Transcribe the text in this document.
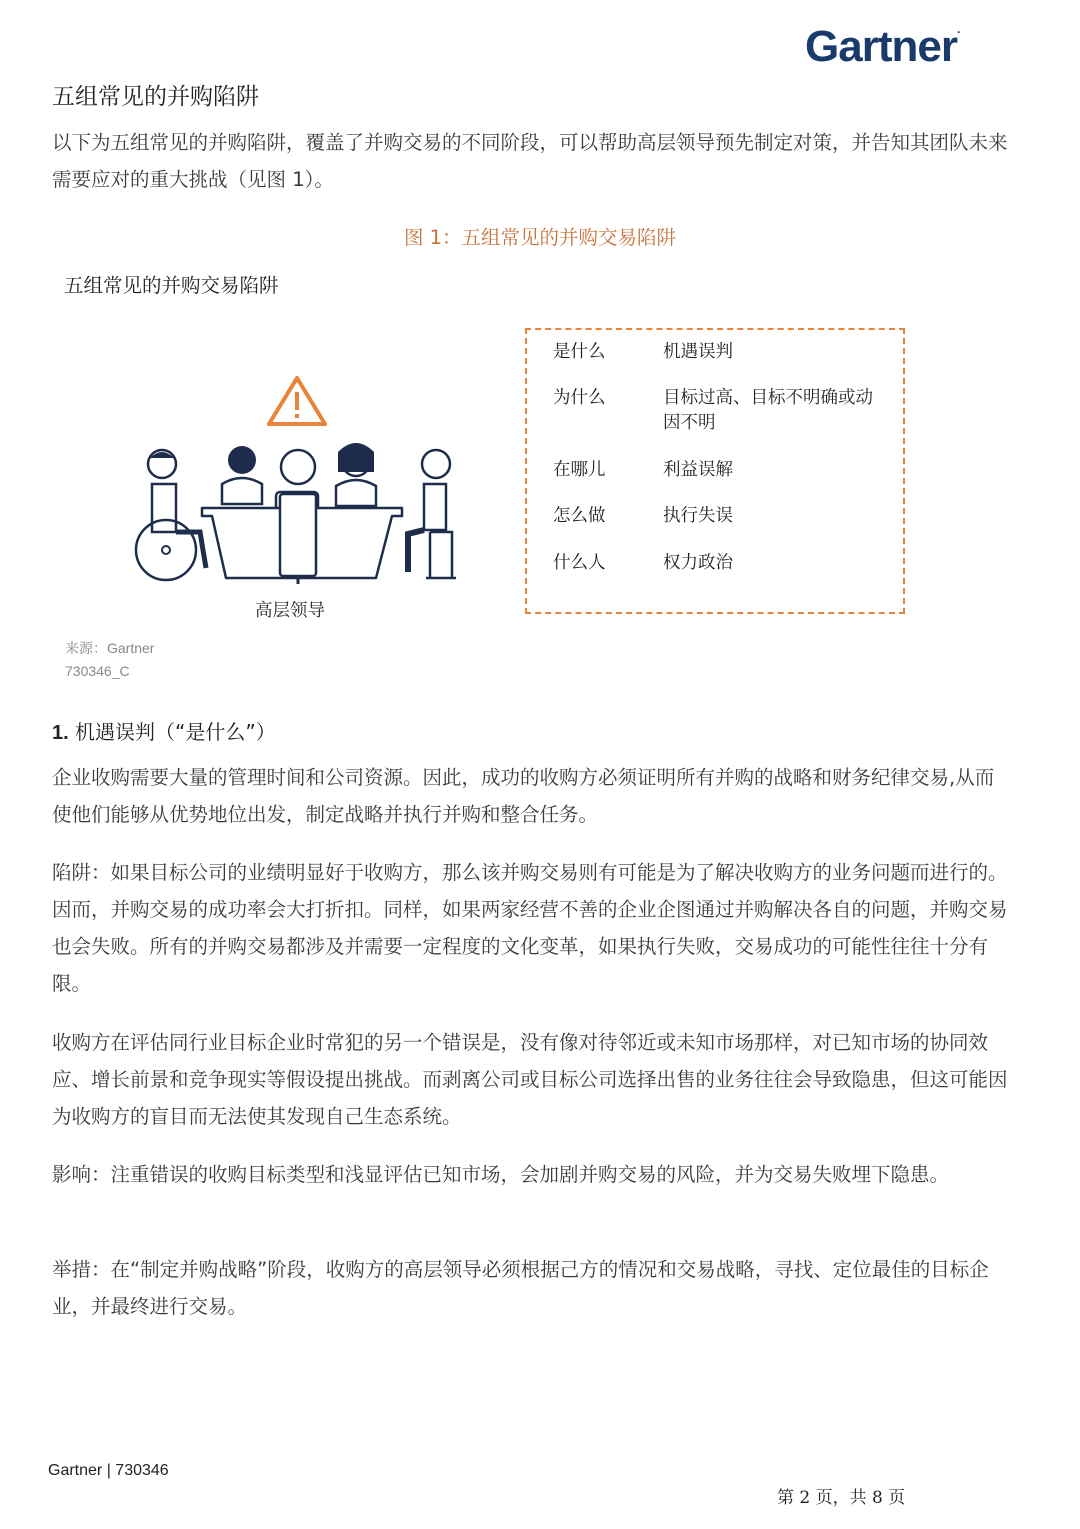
Gartner.
五组常见的并购陷阱

以下为五组常见的并购陷阱，覆盖了并购交易的不同阶段，可以帮助高层领导预先制定对策，并告知其团队未来需要应对的重大挑战（见图 1）。

图 1：五组常见的并购交易陷阱
五组常见的并购交易陷阱
高层领导
是什么	机遇误判
为什么	目标过高、目标不明确或动因不明
在哪儿	利益误解
怎么做	执行失误
什么人	权力政治
来源：Gartner
730346_C
1. 机遇误判（“是什么”）

企业收购需要大量的管理时间和公司资源。因此，成功的收购方必须证明所有并购的战略和财务纪律交易,从而使他们能够从优势地位出发，制定战略并执行并购和整合任务。

陷阱：如果目标公司的业绩明显好于收购方，那么该并购交易则有可能是为了解决收购方的业务问题而进行的。因而，并购交易的成功率会大打折扣。同样，如果两家经营不善的企业企图通过并购解决各自的问题，并购交易也会失败。所有的并购交易都涉及并需要一定程度的文化变革，如果执行失败，交易成功的可能性往往十分有限。

收购方在评估同行业目标企业时常犯的另一个错误是，没有像对待邻近或未知市场那样，对已知市场的协同效应、增长前景和竞争现实等假设提出挑战。而剥离公司或目标公司选择出售的业务往往会导致隐患，但这可能因为收购方的盲目而无法使其发现自己生态系统。

影响：注重错误的收购目标类型和浅显评估已知市场，会加剧并购交易的风险，并为交易失败埋下隐患。

举措：在“制定并购战略”阶段，收购方的高层领导必须根据己方的情况和交易战略，寻找、定位最佳的目标企业，并最终进行交易。

Gartner | 730346
第 2 页，共 8 页
